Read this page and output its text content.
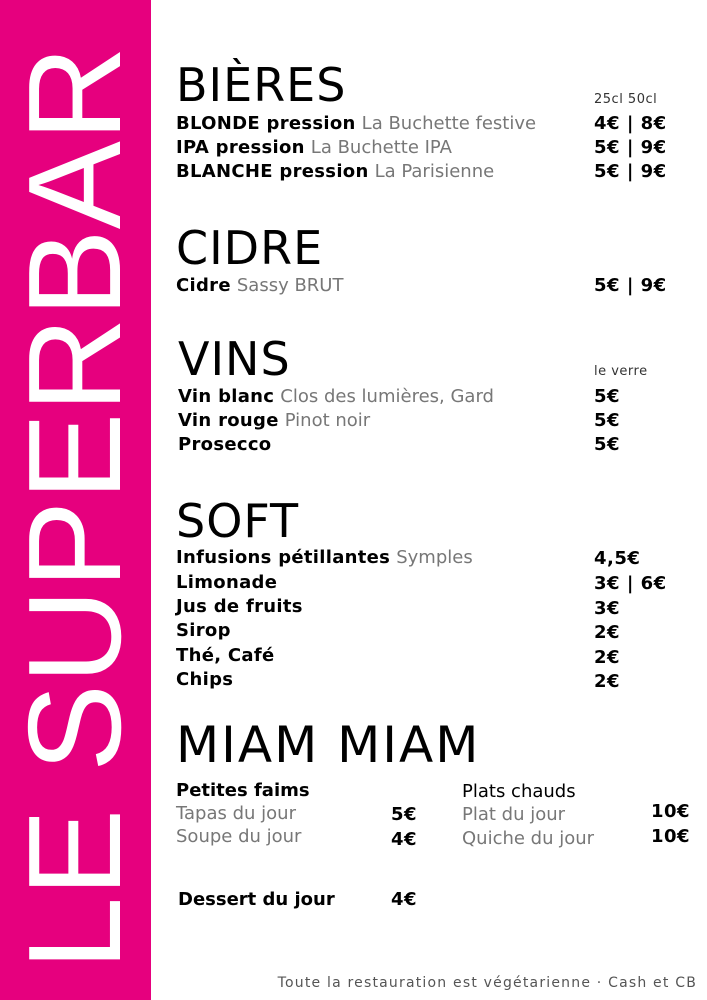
LE SUPERBAR BIÈRES	25cl 50cl
BLONDE pression La Buchette festive	4€ | 8€
IPA pression La Buchette IPA	5€ | 9€
BLANCHE pression La Parisienne	5€ | 9€
CIDRE
Cidre Sassy BRUT	5€ | 9€
VINS	le verre
Vin blanc Clos des lumières, Gard	5€
Vin rouge Pinot noir	5€
Prosecco	5€
SOFT
Infusions pétillantes Symples	4,5€
Limonade	3€ | 6€
Jus de fruits	3€
Sirop	2€
Thé, Café	2€
Chips	2€
MIAM MIAM
Petites faims
Tapas du jour	5€
Soupe du jour	4€
Plats chauds
Plat du jour	10€
Quiche du jour	10€
Dessert du jour	4€
Toute la restauration est végétarienne · Cash et CB
